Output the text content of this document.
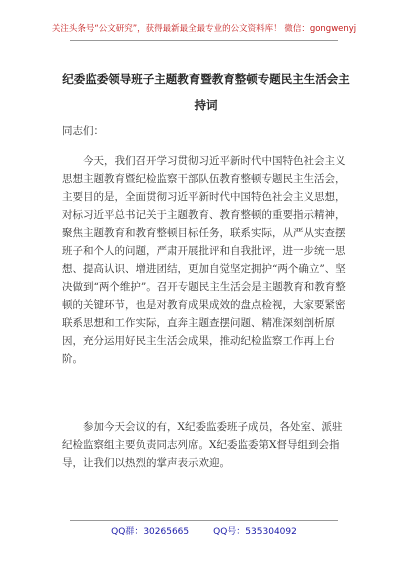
关注头条号“公文研究”，获得最新最全最专业的公文资料库！ 微信：gongwenyj
纪委监委领导班子主题教育暨教育整顿专题民主生活会主持词

同志们：

今天，我们召开学习贯彻习近平新时代中国特色社会主义思想主题教育暨纪检监察干部队伍教育整顿专题民主生活会，主要目的是，全面贯彻习近平新时代中国特色社会主义思想，对标习近平总书记关于主题教育、教育整顿的重要指示精神，聚焦主题教育和教育整顿目标任务，联系实际，从严从实查摆班子和个人的问题，严肃开展批评和自我批评，进一步统一思想、提高认识、增进团结，更加自觉坚定拥护“两个确立”、坚决做到“两个维护”。召开专题民主生活会是主题教育和教育整顿的关键环节，也是对教育成果成效的盘点检视，大家要紧密联系思想和工作实际，直奔主题查摆问题、精准深刻剖析原因，充分运用好民主生活会成果，推动纪检监察工作再上台阶。

参加今天会议的有，X纪委监委班子成员，各处室、派驻纪检监察组主要负责同志列席。X纪委监委第X督导组到会指导，让我们以热烈的掌声表示欢迎。

QQ群：30265665	QQ号：535304092
